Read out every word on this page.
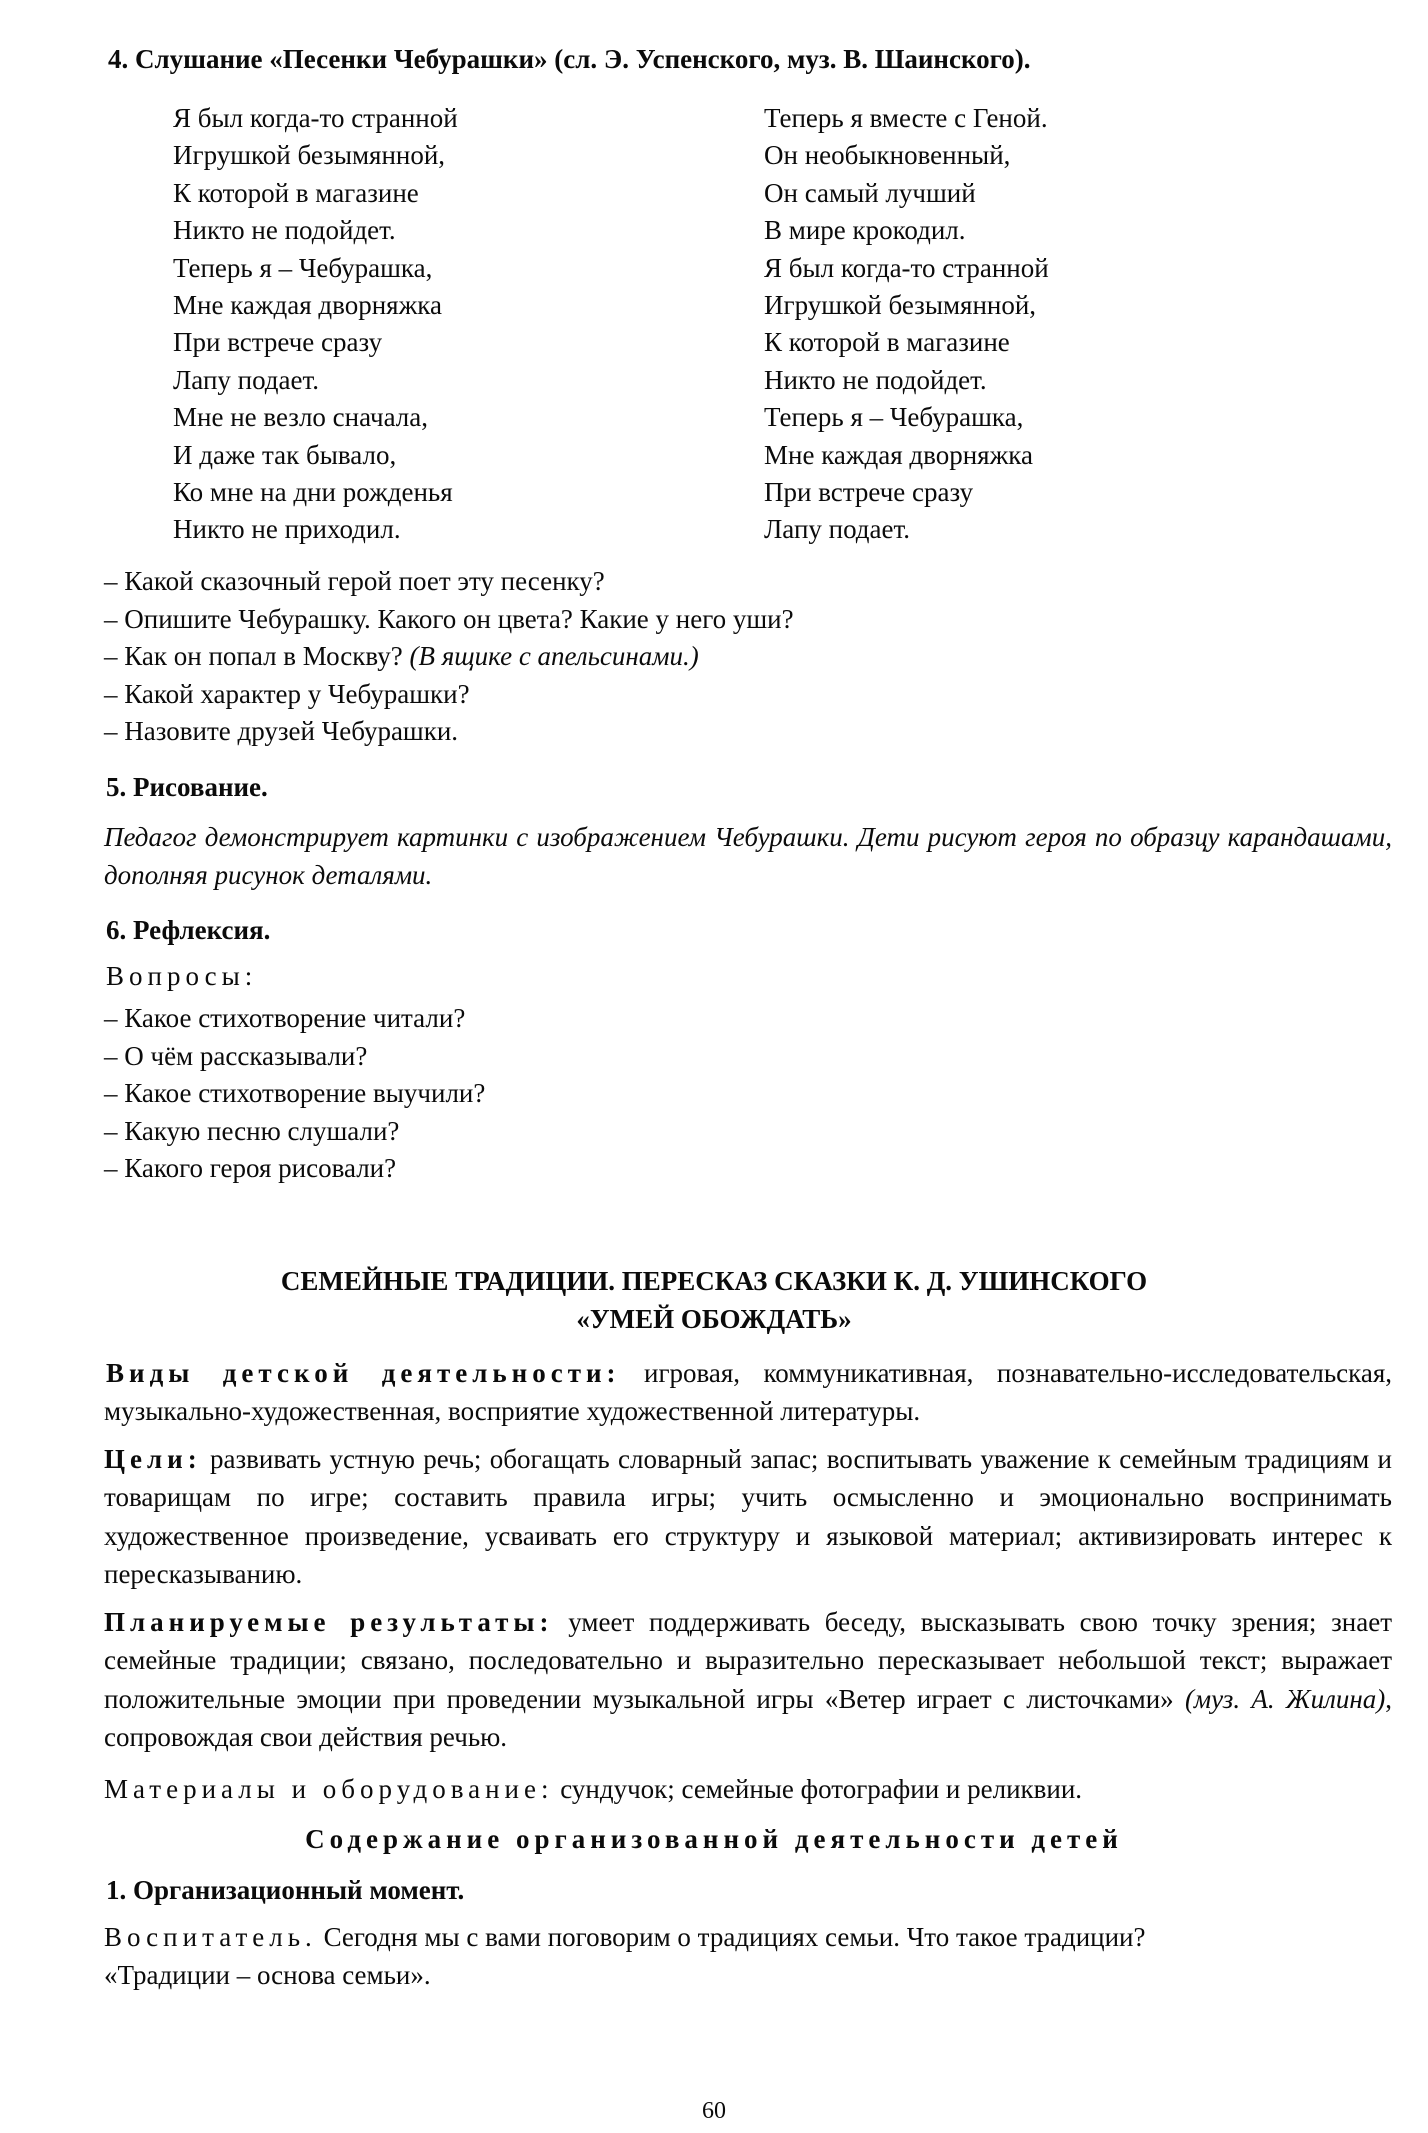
4. Слушание «Песенки Чебурашки» (сл. Э. Успенского, муз. В. Шаинского).
Я был когда-то странной
Игрушкой безымянной,
К которой в магазине
Никто не подойдет.
Теперь я – Чебурашка,
Мне каждая дворняжка
При встрече сразу
Лапу подает.
Мне не везло сначала,
И даже так бывало,
Ко мне на дни рожденья
Никто не приходил.
Теперь я вместе с Геной.
Он необыкновенный,
Он самый лучший
В мире крокодил.
Я был когда-то странной
Игрушкой безымянной,
К которой в магазине
Никто не подойдет.
Теперь я – Чебурашка,
Мне каждая дворняжка
При встрече сразу
Лапу подает.
– Какой сказочный герой поет эту песенку?
– Опишите Чебурашку. Какого он цвета? Какие у него уши?
– Как он попал в Москву? (В ящике с апельсинами.)
– Какой характер у Чебурашки?
– Назовите друзей Чебурашки.
5. Рисование.
Педагог демонстрирует картинки с изображением Чебурашки. Дети рисуют героя по образцу карандашами, дополняя рисунок деталями.
6. Рефлексия.
Вопросы:
– Какое стихотворение читали?
– О чём рассказывали?
– Какое стихотворение выучили?
– Какую песню слушали?
– Какого героя рисовали?
СЕМЕЙНЫЕ ТРАДИЦИИ. ПЕРЕСКАЗ СКАЗКИ К. Д. УШИНСКОГО
«УМЕЙ ОБОЖДАТЬ»
Виды детской деятельности: игровая, коммуникативная, познавательно-исследовательская, музыкально-художественная, восприятие художественной литературы.
Цели: развивать устную речь; обогащать словарный запас; воспитывать уважение к семейным традициям и товарищам по игре; составить правила игры; учить осмысленно и эмоционально воспринимать художественное произведение, усваивать его структуру и языковой материал; активизировать интерес к пересказыванию.
Планируемые результаты: умеет поддерживать беседу, высказывать свою точку зрения; знает семейные традиции; связано, последовательно и выразительно пересказывает небольшой текст; выражает положительные эмоции при проведении музыкальной игры «Ветер играет с листочками» (муз. А. Жилина), сопровождая свои действия речью.
Материалы и оборудование: сундучок; семейные фотографии и реликвии.
Содержание организованной деятельности детей
1. Организационный момент.
Воспитатель. Сегодня мы с вами поговорим о традициях семьи. Что такое традиции?
«Традиции – основа семьи».
60
